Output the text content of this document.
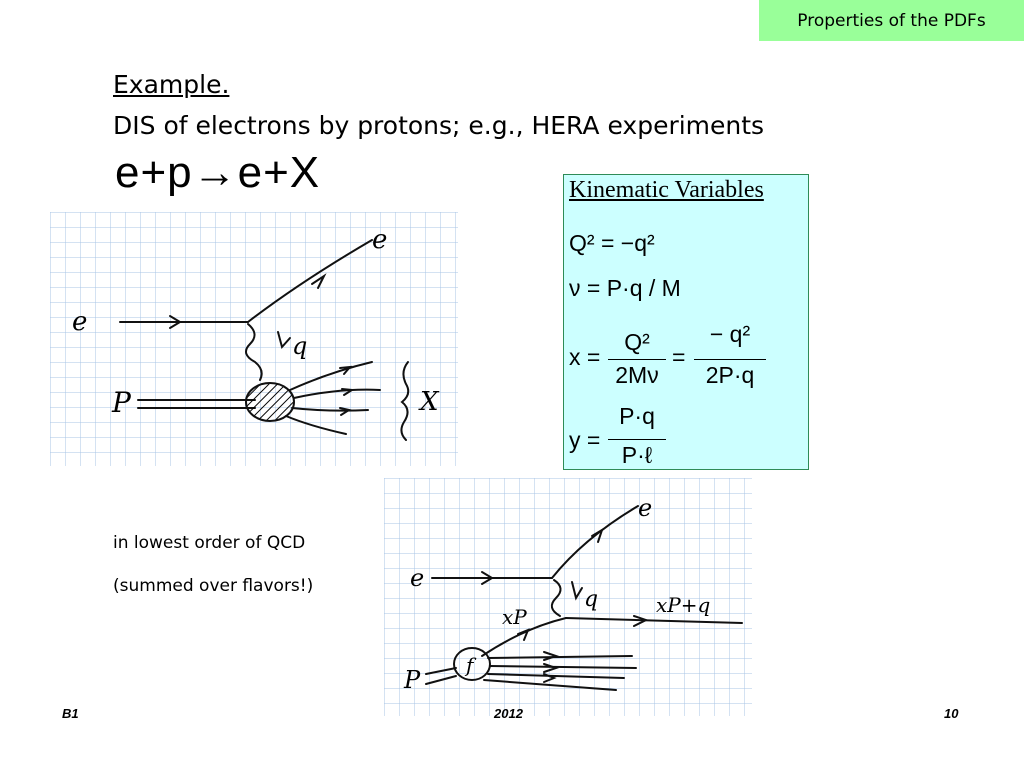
Properties of the PDFs
Example.
DIS of electrons by protons; e.g., HERA experiments
e+p→e+X
e
e
q
P	X
Kinematic Variables
Q² = −q²
ν = P·q / M
x =
Q²
2Mν
=
− q²
2P·q
y =
P·q
P·ℓ
in lowest order of QCD
(summed over flavors!)
e
e
q
xP	xP+q
P
f
B1	2012	10
